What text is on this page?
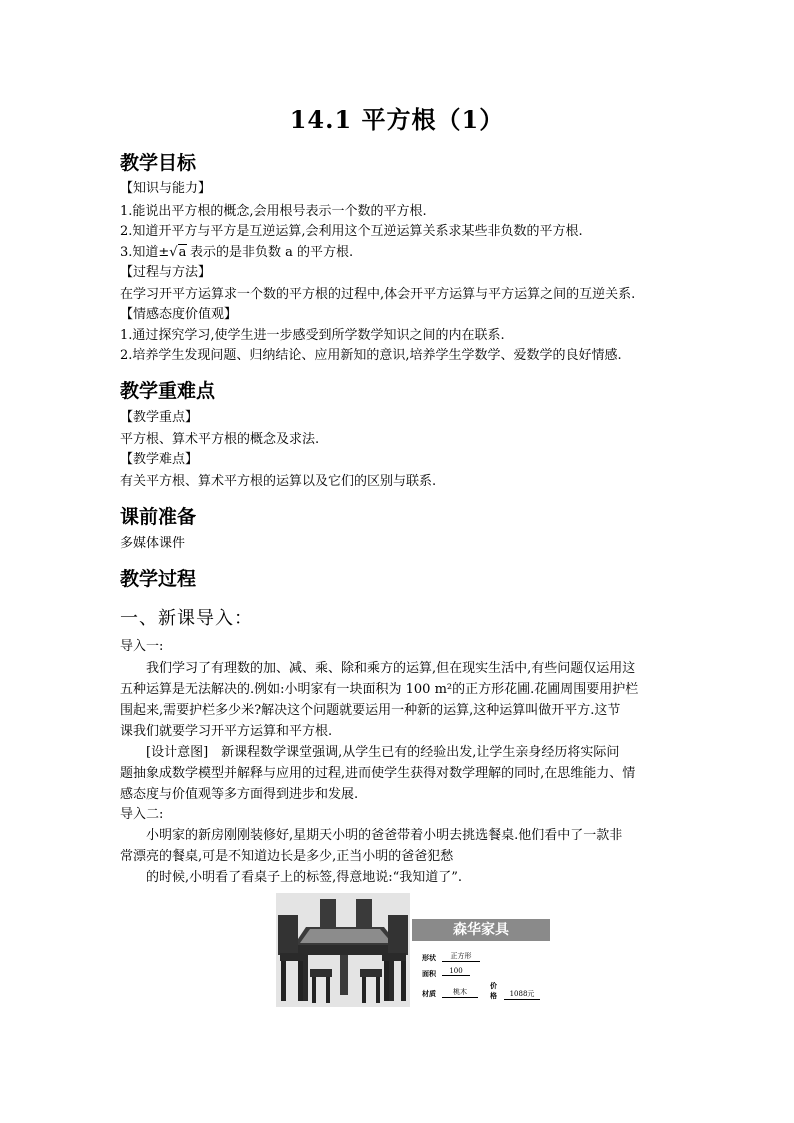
14.1 平方根（1）
教学目标
【知识与能力】
1.能说出平方根的概念,会用根号表示一个数的平方根.
2.知道开平方与平方是互逆运算,会利用这个互逆运算关系求某些非负数的平方根.
3.知道±√a  表示的是非负数 a 的平方根.
【过程与方法】
在学习开平方运算求一个数的平方根的过程中,体会开平方运算与平方运算之间的互逆关系.
【情感态度价值观】
1.通过探究学习,使学生进一步感受到所学数学知识之间的内在联系.
2.培养学生发现问题、归纳结论、应用新知的意识,培养学生学数学、爱数学的良好情感.
教学重难点
【教学重点】
平方根、算术平方根的概念及求法.
【教学难点】
有关平方根、算术平方根的运算以及它们的区别与联系.
课前准备
多媒体课件
教学过程
一、新课导入：
导入一:
我们学习了有理数的加、减、乘、除和乘方的运算,但在现实生活中,有些问题仅运用这
五种运算是无法解决的.例如:小明家有一块面积为 100 m²的正方形花圃.花圃周围要用护栏
围起来,需要护栏多少米?解决这个问题就要运用一种新的运算,这种运算叫做开平方.这节
课我们就要学习开平方运算和平方根.
[设计意图]　新课程数学课堂强调,从学生已有的经验出发,让学生亲身经历将实际问
题抽象成数学模型并解释与应用的过程,进而使学生获得对数学理解的同时,在思维能力、情
感态度与价值观等多方面得到进步和发展.
导入二:
小明家的新房刚刚装修好,星期天小明的爸爸带着小明去挑选餐桌.他们看中了一款非
常漂亮的餐桌,可是不知道边长是多少,正当小明的爸爸犯愁
的时候,小明看了看桌子上的标签,得意地说:“我知道了”.
森华家具
形状	正方形
面积	100
材质	桃木
价
格	1088元
